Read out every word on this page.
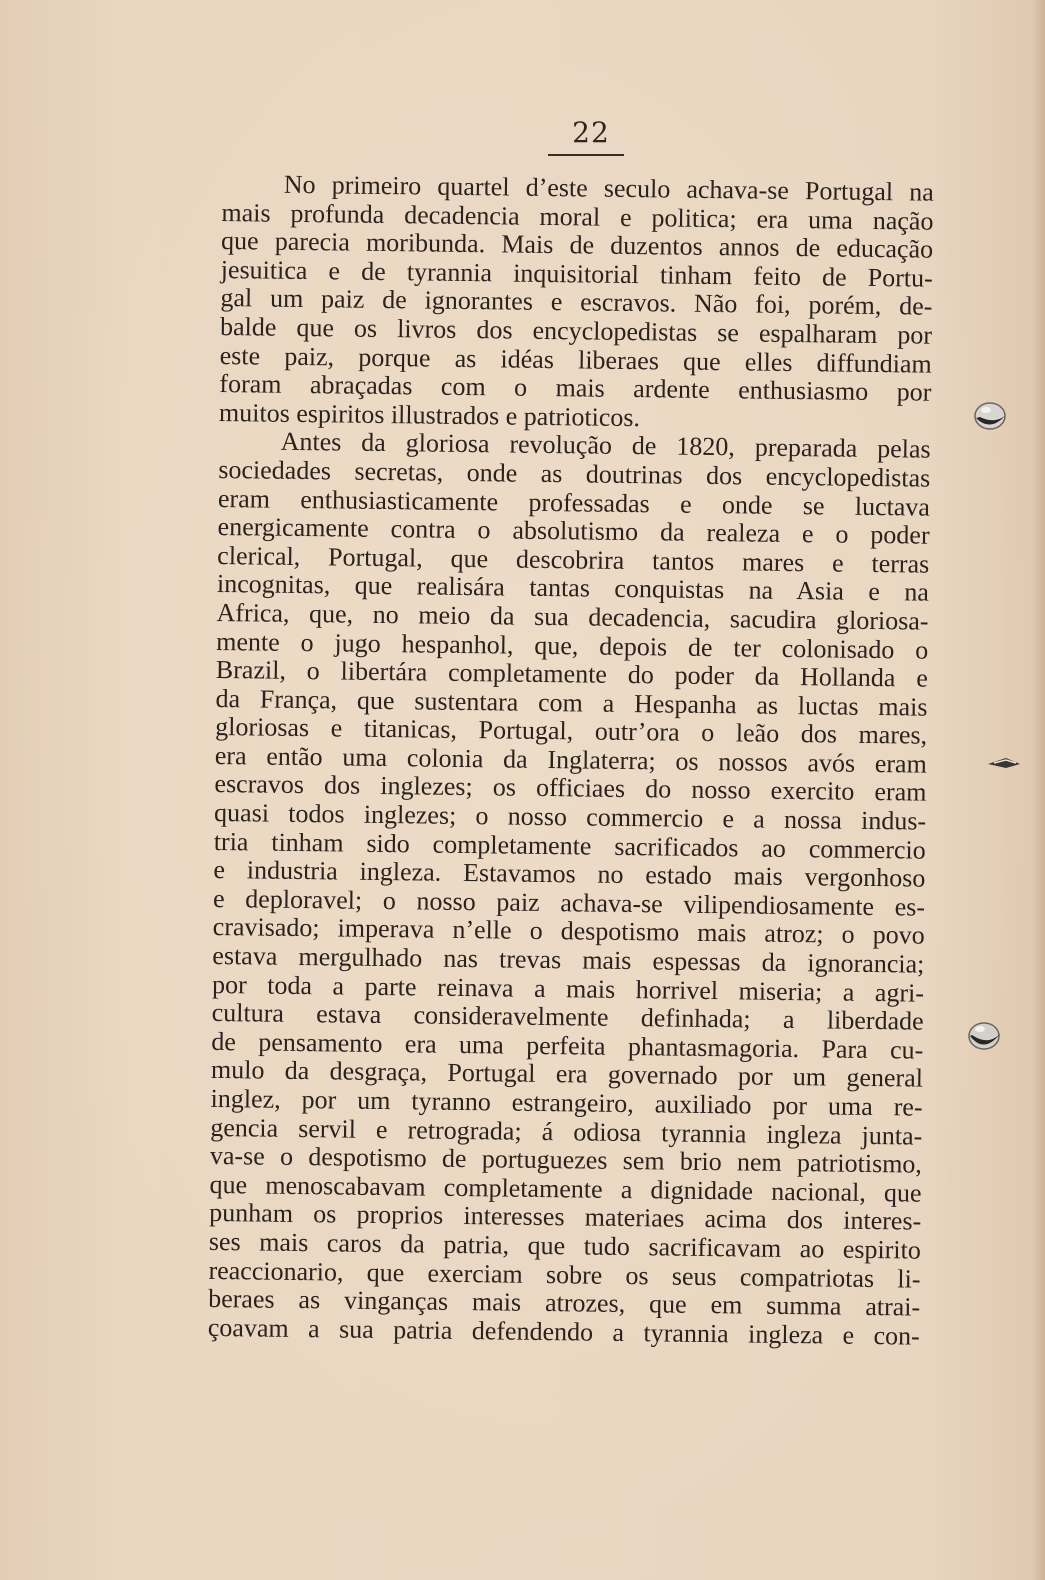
22
No primeiro quartel d’este seculo achava-se Portugal na
mais profunda decadencia moral e politica; era uma nação
que parecia moribunda. Mais de duzentos annos de educação
jesuitica e de tyrannia inquisitorial tinham feito de Portu-
gal um paiz de ignorantes e escravos. Não foi, porém, de-
balde que os livros dos encyclopedistas se espalharam por
este paiz, porque as idéas liberaes que elles diffundiam
foram abraçadas com o mais ardente enthusiasmo por
muitos espiritos illustrados e patrioticos.
Antes da gloriosa revolução de 1820, preparada pelas
sociedades secretas, onde as doutrinas dos encyclopedistas
eram enthusiasticamente professadas e onde se luctava
energicamente contra o absolutismo da realeza e o poder
clerical, Portugal, que descobrira tantos mares e terras
incognitas, que realisára tantas conquistas na Asia e na
Africa, que, no meio da sua decadencia, sacudira gloriosa-
mente o jugo hespanhol, que, depois de ter colonisado o
Brazil, o libertára completamente do poder da Hollanda e
da França, que sustentara com a Hespanha as luctas mais
gloriosas e titanicas, Portugal, outr’ora o leão dos mares,
era então uma colonia da Inglaterra; os nossos avós eram
escravos dos inglezes; os officiaes do nosso exercito eram
quasi todos inglezes; o nosso commercio e a nossa indus-
tria tinham sido completamente sacrificados ao commercio
e industria ingleza. Estavamos no estado mais vergonhoso
e deploravel; o nosso paiz achava-se vilipendiosamente es-
cravisado; imperava n’elle o despotismo mais atroz; o povo
estava mergulhado nas trevas mais espessas da ignorancia;
por toda a parte reinava a mais horrivel miseria; a agri-
cultura estava consideravelmente definhada; a liberdade
de pensamento era uma perfeita phantasmagoria. Para cu-
mulo da desgraça, Portugal era governado por um general
inglez, por um tyranno estrangeiro, auxiliado por uma re-
gencia servil e retrograda; á odiosa tyrannia ingleza junta-
va-se o despotismo de portuguezes sem brio nem patriotismo,
que menoscabavam completamente a dignidade nacional, que
punham os proprios interesses materiaes acima dos interes-
ses mais caros da patria, que tudo sacrificavam ao espirito
reaccionario, que exerciam sobre os seus compatriotas li-
beraes as vinganças mais atrozes, que em summa atrai-
çoavam a sua patria defendendo a tyrannia ingleza e con-
